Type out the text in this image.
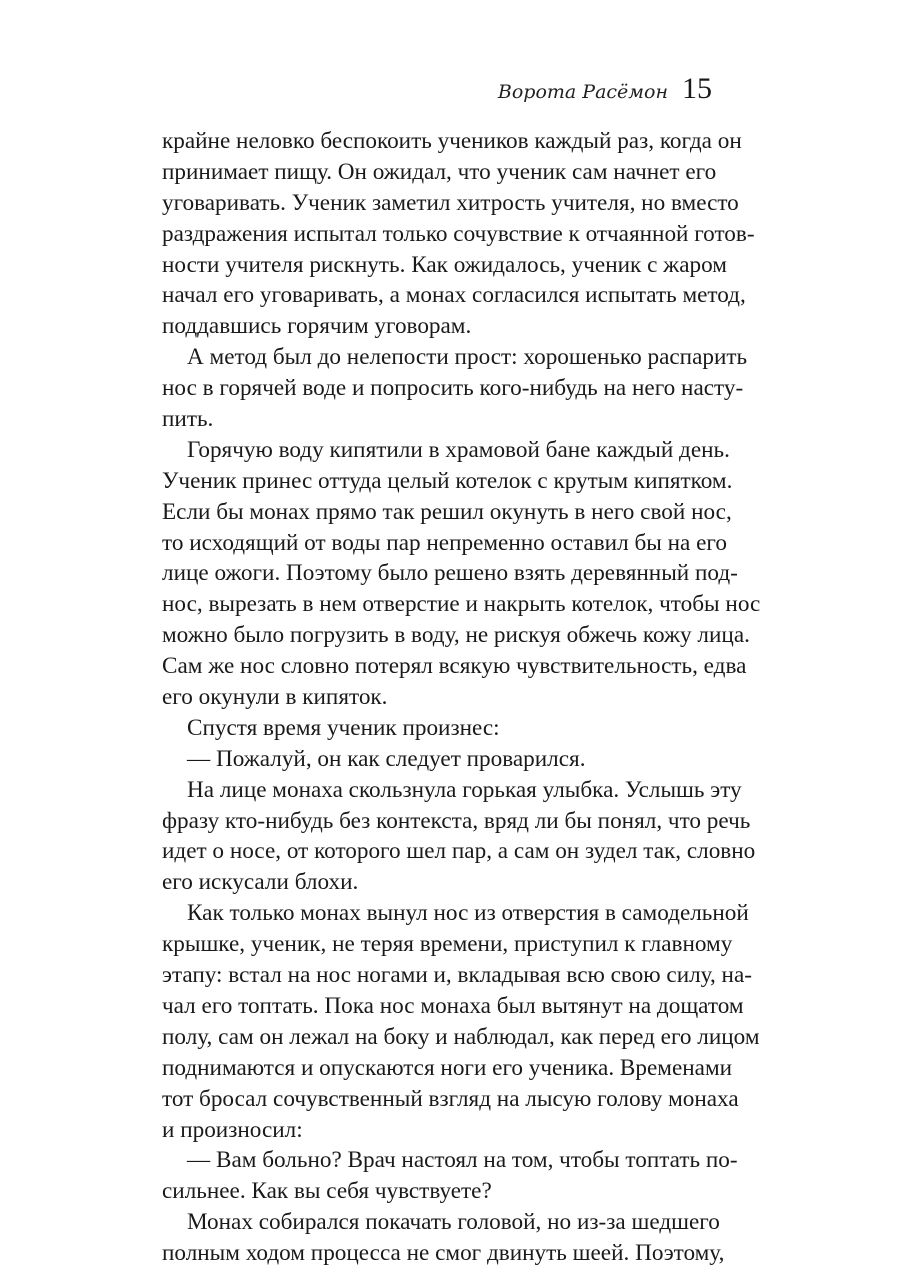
Ворота Расёмон 15
крайне неловко беспокоить учеников каждый раз, когда он
принимает пищу. Он ожидал, что ученик сам начнет его
уговаривать. Ученик заметил хитрость учителя, но вместо
раздражения испытал только сочувствие к отчаянной готов-
ности учителя рискнуть. Как ожидалось, ученик с жаром
начал его уговаривать, а монах согласился испытать метод,
поддавшись горячим уговорам.
А метод был до нелепости прост: хорошенько распарить
нос в горячей воде и попросить кого-нибудь на него насту-
пить.
Горячую воду кипятили в храмовой бане каждый день.
Ученик принес оттуда целый котелок с крутым кипятком.
Если бы монах прямо так решил окунуть в него свой нос,
то исходящий от воды пар непременно оставил бы на его
лице ожоги. Поэтому было решено взять деревянный под-
нос, вырезать в нем отверстие и накрыть котелок, чтобы нос
можно было погрузить в воду, не рискуя обжечь кожу лица.
Сам же нос словно потерял всякую чувствительность, едва
его окунули в кипяток.
Спустя время ученик произнес:
— Пожалуй, он как следует проварился.
На лице монаха скользнула горькая улыбка. Услышь эту
фразу кто-нибудь без контекста, вряд ли бы понял, что речь
идет о носе, от которого шел пар, а сам он зудел так, словно
его искусали блохи.
Как только монах вынул нос из отверстия в самодельной
крышке, ученик, не теряя времени, приступил к главному
этапу: встал на нос ногами и, вкладывая всю свою силу, на-
чал его топтать. Пока нос монаха был вытянут на дощатом
полу, сам он лежал на боку и наблюдал, как перед его лицом
поднимаются и опускаются ноги его ученика. Временами
тот бросал сочувственный взгляд на лысую голову монаха
и произносил:
— Вам больно? Врач настоял на том, чтобы топтать по-
сильнее. Как вы себя чувствуете?
Монах собирался покачать головой, но из-за шедшего
полным ходом процесса не смог двинуть шеей. Поэтому,
